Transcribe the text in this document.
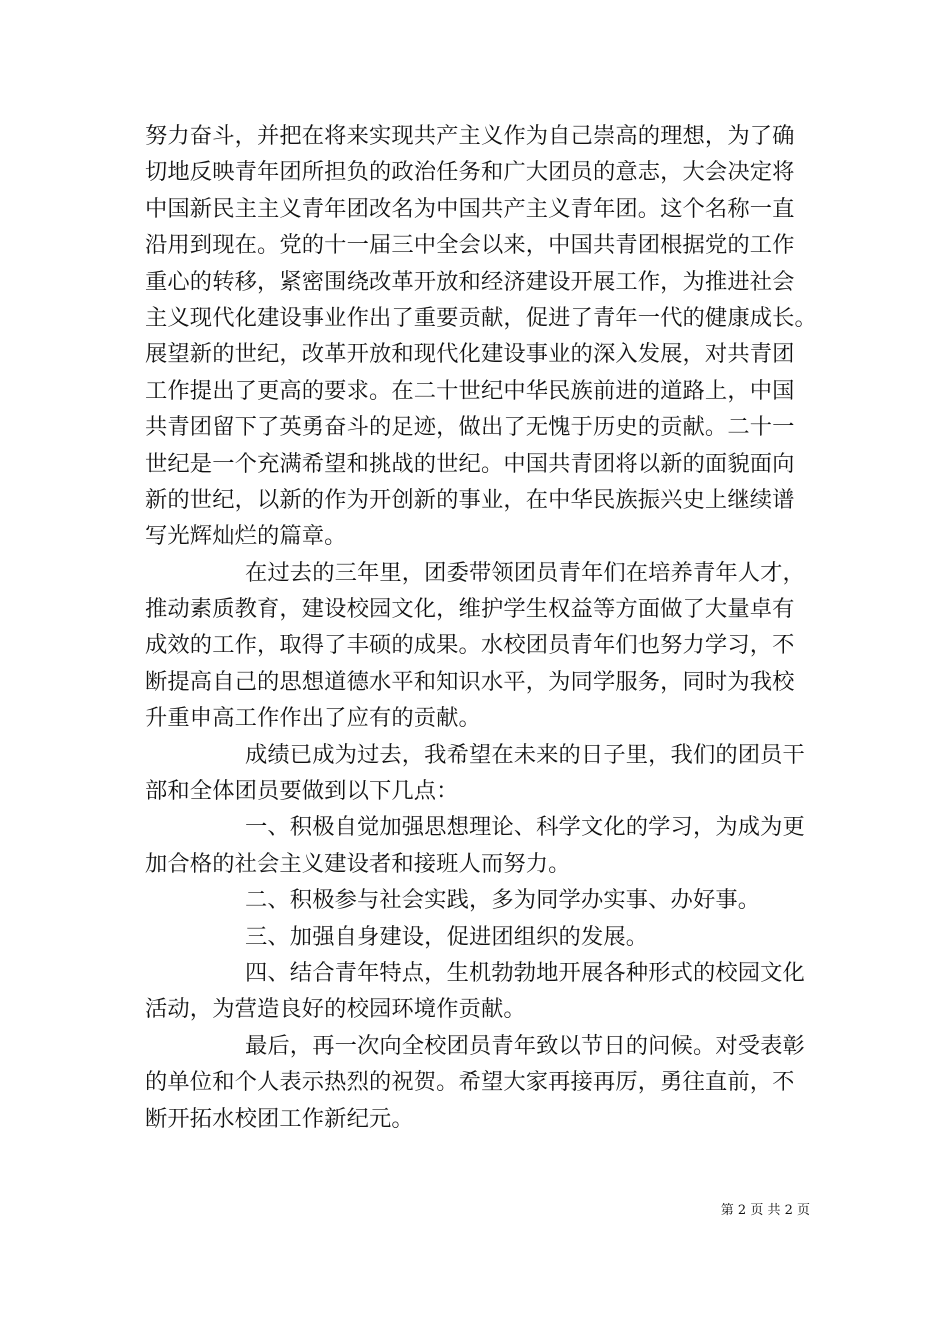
努力奋斗，并把在将来实现共产主义作为自己崇高的理想，为了确
切地反映青年团所担负的政治任务和广大团员的意志，大会决定将
中国新民主主义青年团改名为中国共产主义青年团。这个名称一直
沿用到现在。党的十一届三中全会以来，中国共青团根据党的工作
重心的转移，紧密围绕改革开放和经济建设开展工作，为推进社会
主义现代化建设事业作出了重要贡献，促进了青年一代的健康成长。
展望新的世纪，改革开放和现代化建设事业的深入发展，对共青团
工作提出了更高的要求。在二十世纪中华民族前进的道路上，中国
共青团留下了英勇奋斗的足迹，做出了无愧于历史的贡献。二十一
世纪是一个充满希望和挑战的世纪。中国共青团将以新的面貌面向
新的世纪，以新的作为开创新的事业，在中华民族振兴史上继续谱
写光辉灿烂的篇章。
在过去的三年里，团委带领团员青年们在培养青年人才，
推动素质教育，建设校园文化，维护学生权益等方面做了大量卓有
成效的工作，取得了丰硕的成果。水校团员青年们也努力学习，不
断提高自己的思想道德水平和知识水平，为同学服务，同时为我校
升重申高工作作出了应有的贡献。
成绩已成为过去，我希望在未来的日子里，我们的团员干
部和全体团员要做到以下几点：
一、积极自觉加强思想理论、科学文化的学习，为成为更
加合格的社会主义建设者和接班人而努力。
二、积极参与社会实践，多为同学办实事、办好事。
三、加强自身建设，促进团组织的发展。
四、结合青年特点，生机勃勃地开展各种形式的校园文化
活动，为营造良好的校园环境作贡献。
最后，再一次向全校团员青年致以节日的问候。对受表彰
的单位和个人表示热烈的祝贺。希望大家再接再厉，勇往直前，不
断开拓水校团工作新纪元。
第 2 页 共 2 页
